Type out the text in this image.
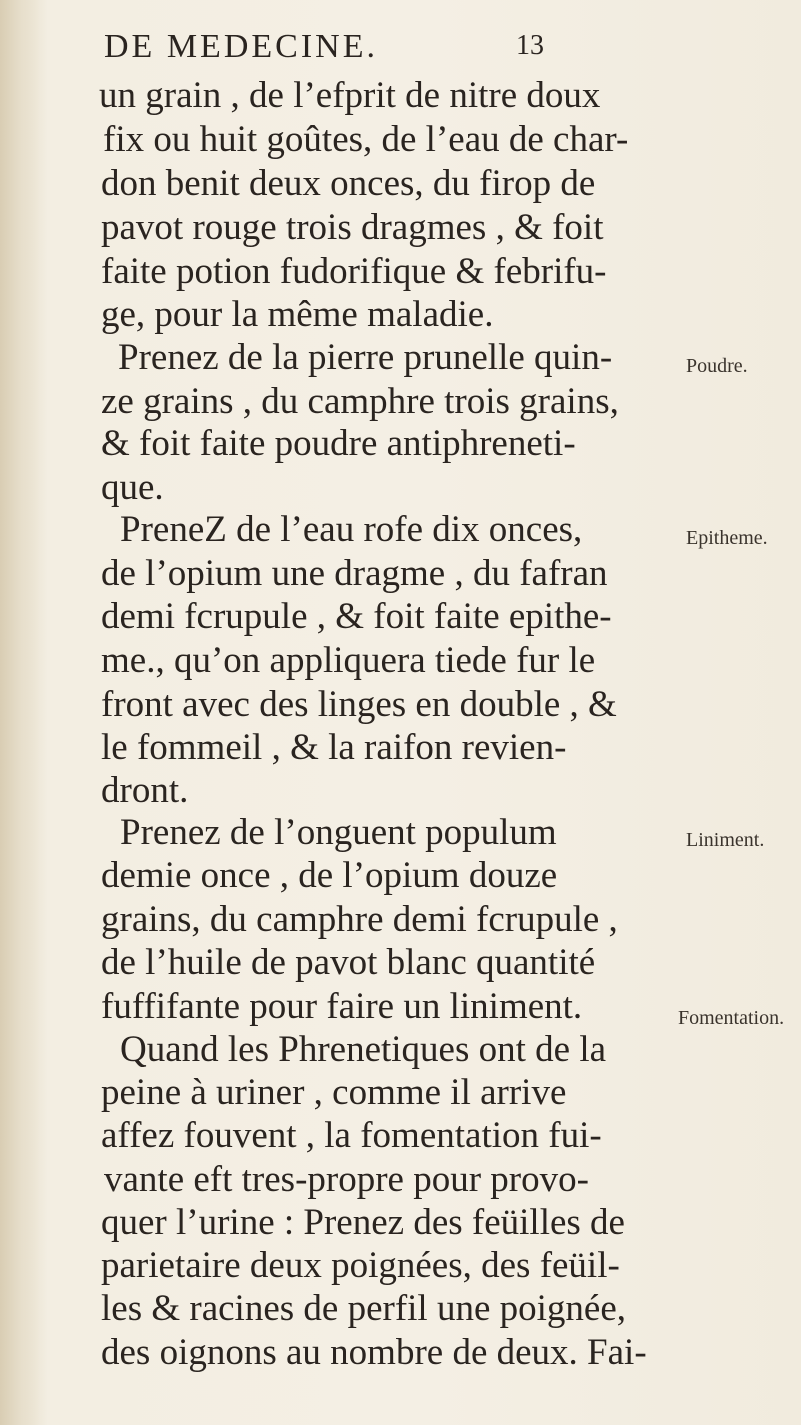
DE MEDECINE.	13
un grain , de l’efprit de nitre doux
fix ou huit goûtes, de l’eau de char-
don benit deux onces, du firop de
pavot rouge trois dragmes , & foit
faite potion fudorifique & febrifu-
ge, pour la même maladie.
Prenez de la pierre prunelle quin-
ze grains , du camphre trois grains,
& foit faite poudre antiphreneti-
que.
PreneZ de l’eau rofe dix onces,
de l’opium une dragme , du fafran
demi fcrupule , & foit faite epithe-
me., qu’on appliquera tiede fur le
front avec des linges en double , &
le fommeil , & la raifon revien-
dront.
Prenez de l’onguent populum
demie once , de l’opium douze
grains, du camphre demi fcrupule ,
de l’huile de pavot blanc quantité
fuffifante pour faire un liniment.
Quand les Phrenetiques ont de la
peine à uriner , comme il arrive
affez fouvent , la fomentation fui-
vante eft tres-propre pour provo-
quer l’urine : Prenez des feüilles de
parietaire deux poignées, des feüil-
les & racines de perfil une poignée,
des oignons au nombre de deux. Fai-
Poudre.
Epitheme.
Liniment.
Fomentation.
